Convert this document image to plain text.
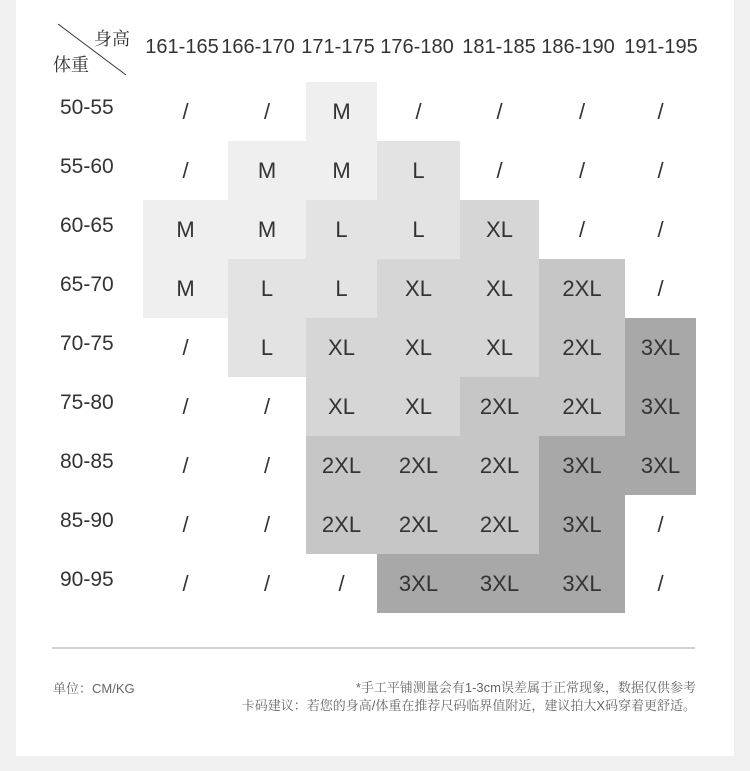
身高
体重
161-165 166-170 171-175 176-180 181-185 186-190 191-195
50-55	/	/	M	/	/	/	/
55-60	/	M	M	L	/	/	/
60-65	M	M	L	L	XL	/	/
65-70	M	L	L	XL	XL	2XL	/
70-75	/	L	XL	XL	XL	2XL	3XL
75-80	/	/	XL	XL	2XL	2XL	3XL
80-85	/	/	2XL	2XL	2XL	3XL	3XL
85-90	/	/	2XL	2XL	2XL	3XL	/
90-95	/	/	/	3XL	3XL	3XL	/
单位：CM/KG	*手工平铺测量会有1-3cm误差属于正常现象，数据仅供参考
卡码建议：若您的身高/体重在推荐尺码临界值附近，建议拍大X码穿着更舒适。
